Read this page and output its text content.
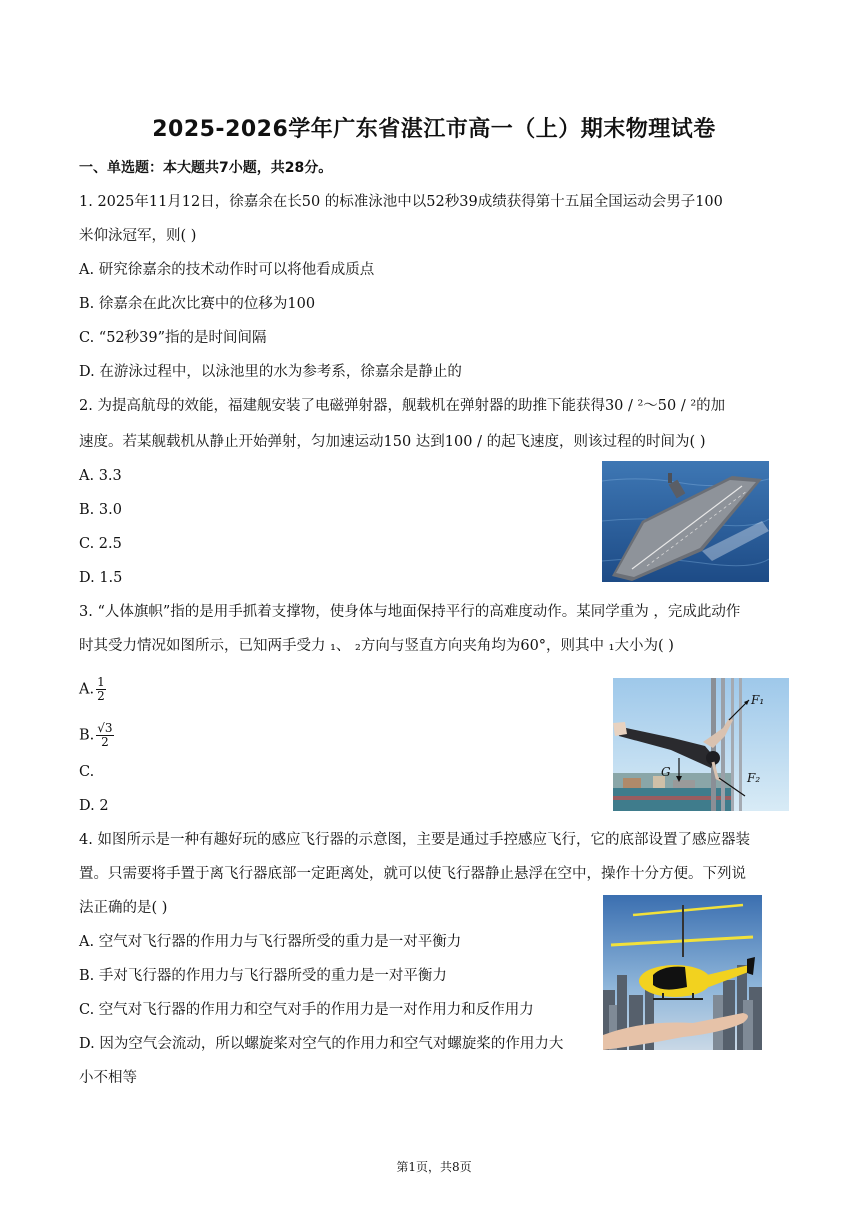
2025-2026学年广东省湛江市高一（上）期末物理试卷
一、单选题：本大题共7小题，共28分。
1. 2025年11月12日，徐嘉余在长50 的标准泳池中以52秒39成绩获得第十五届全国运动会男子100
米仰泳冠军，则( )
A. 研究徐嘉余的技术动作时可以将他看成质点
B. 徐嘉余在此次比赛中的位移为100
C. “52秒39”指的是时间间隔
D. 在游泳过程中，以泳池里的水为参考系，徐嘉余是静止的
2. 为提高航母的效能，福建舰安装了电磁弹射器，舰载机在弹射器的助推下能获得30 / ²～50 / ²的加
速度。若某舰载机从静止开始弹射，匀加速运动150 达到100 / 的起飞速度，则该过程的时间为( )
A. 3.3
B. 3.0
C. 2.5
D. 1.5
3. “人体旗帜”指的是用手抓着支撑物，使身体与地面保持平行的高难度动作。某同学重为 ，完成此动作
时其受力情况如图所示，已知两手受力 ₁、 ₂方向与竖直方向夹角均为60°，则其中 ₁大小为( )
A. $\frac{1}{2}$
B. $\frac{√3}{2}$
C.
D. 2
F₁
F₂
G
4. 如图所示是一种有趣好玩的感应飞行器的示意图，主要是通过手控感应飞行，它的底部设置了感应器装
置。只需要将手置于离飞行器底部一定距离处，就可以使飞行器静止悬浮在空中，操作十分方便。下列说
法正确的是( )
A. 空气对飞行器的作用力与飞行器所受的重力是一对平衡力
B. 手对飞行器的作用力与飞行器所受的重力是一对平衡力
C. 空气对飞行器的作用力和空气对手的作用力是一对作用力和反作用力
D. 因为空气会流动，所以螺旋桨对空气的作用力和空气对螺旋桨的作用力大
小不相等
第1页，共8页
